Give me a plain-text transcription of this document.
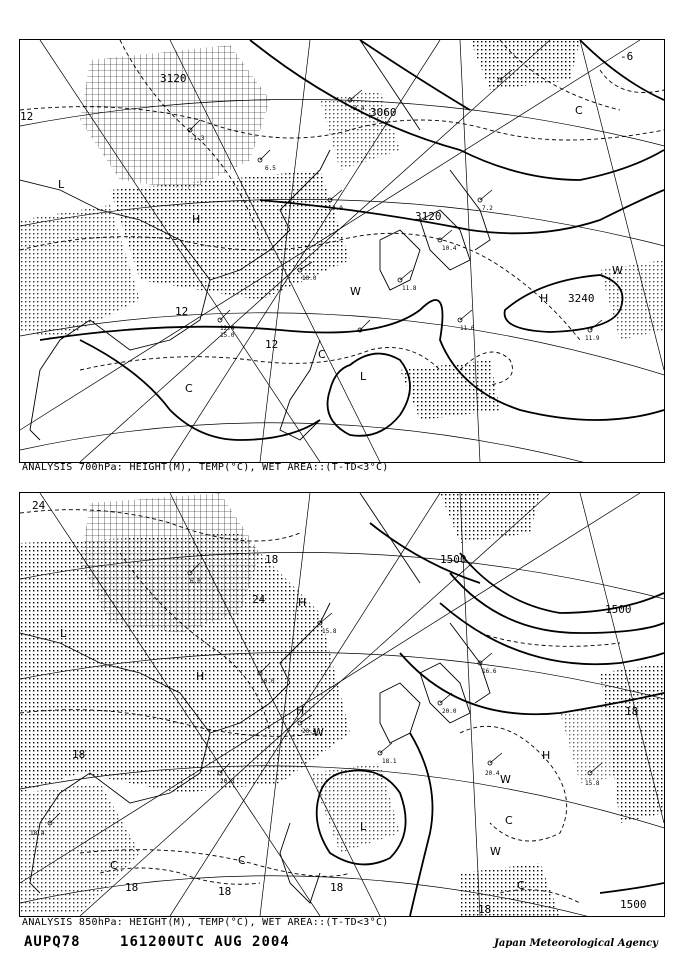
12.4
15.0
10.0
2.0
11.8
10.4
7.2
6.5
11.6
11.9
-1.3
-3.4
3120
3060
3120
3240
12
12
12
-6
H
H
L
L
W
W
C
C
C
ANALYSIS 700hPa: HEIGHT(M), TEMP(°C), WET AREA::(T-TD<3°C)
20.8
20.4
15.8
18.1
20.0
16.6
10.0
15.8
20.4
18.4
6.0
1500
1500
1500
24
24
18
18
18	18	18
18
18
H
H
H
H
L
L
W
W
W
C	C
C
C
ANALYSIS 850hPa: HEIGHT(M), TEMP(°C), WET AREA::(T-TD<3°C)
AUPQ78	161200UTC AUG 2004	Japan Meteorological Agency
